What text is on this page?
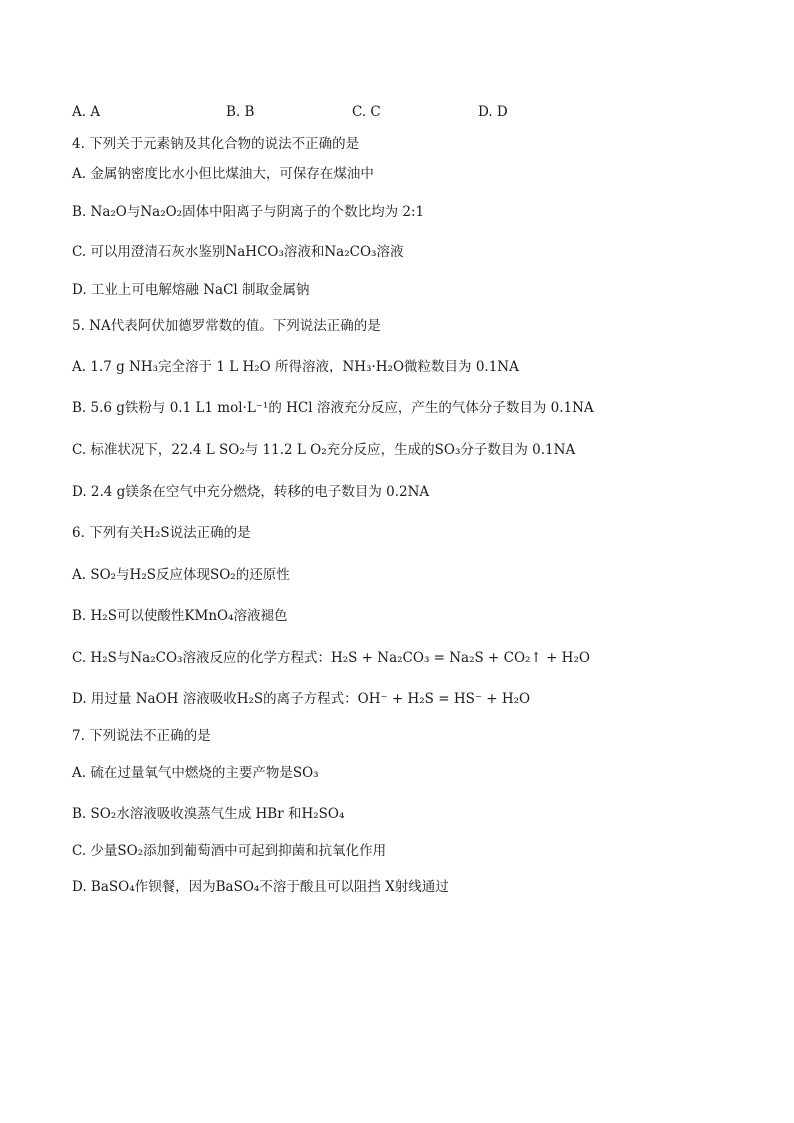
A. A	B. B	C. C	D. D
4. 下列关于元素钠及其化合物的说法不正确的是
A. 金属钠密度比水小但比煤油大，可保存在煤油中
B. Na₂O与Na₂O₂固体中阳离子与阴离子的个数比均为 2:1
C. 可以用澄清石灰水鉴别NaHCO₃溶液和Na₂CO₃溶液
D. 工业上可电解熔融 NaCl 制取金属钠
5. NA代表阿伏加德罗常数的值。下列说法正确的是
A. 1.7 g NH₃完全溶于 1 L H₂O 所得溶液，NH₃·H₂O微粒数目为 0.1NA
B. 5.6 g铁粉与 0.1 L1 mol·L⁻¹的 HCl 溶液充分反应，产生的气体分子数目为 0.1NA
C. 标准状况下，22.4 L SO₂与 11.2 L O₂充分反应，生成的SO₃分子数目为 0.1NA
D. 2.4 g镁条在空气中充分燃烧，转移的电子数目为 0.2NA
6. 下列有关H₂S说法正确的是
A. SO₂与H₂S反应体现SO₂的还原性
B. H₂S可以使酸性KMnO₄溶液褪色
C. H₂S与Na₂CO₃溶液反应的化学方程式：H₂S + Na₂CO₃ = Na₂S + CO₂↑ + H₂O
D. 用过量 NaOH 溶液吸收H₂S的离子方程式：OH⁻ + H₂S = HS⁻ + H₂O
7. 下列说法不正确的是
A. 硫在过量氧气中燃烧的主要产物是SO₃
B. SO₂水溶液吸收溴蒸气生成 HBr 和H₂SO₄
C. 少量SO₂添加到葡萄酒中可起到抑菌和抗氧化作用
D. BaSO₄作钡餐，因为BaSO₄不溶于酸且可以阻挡 X射线通过
